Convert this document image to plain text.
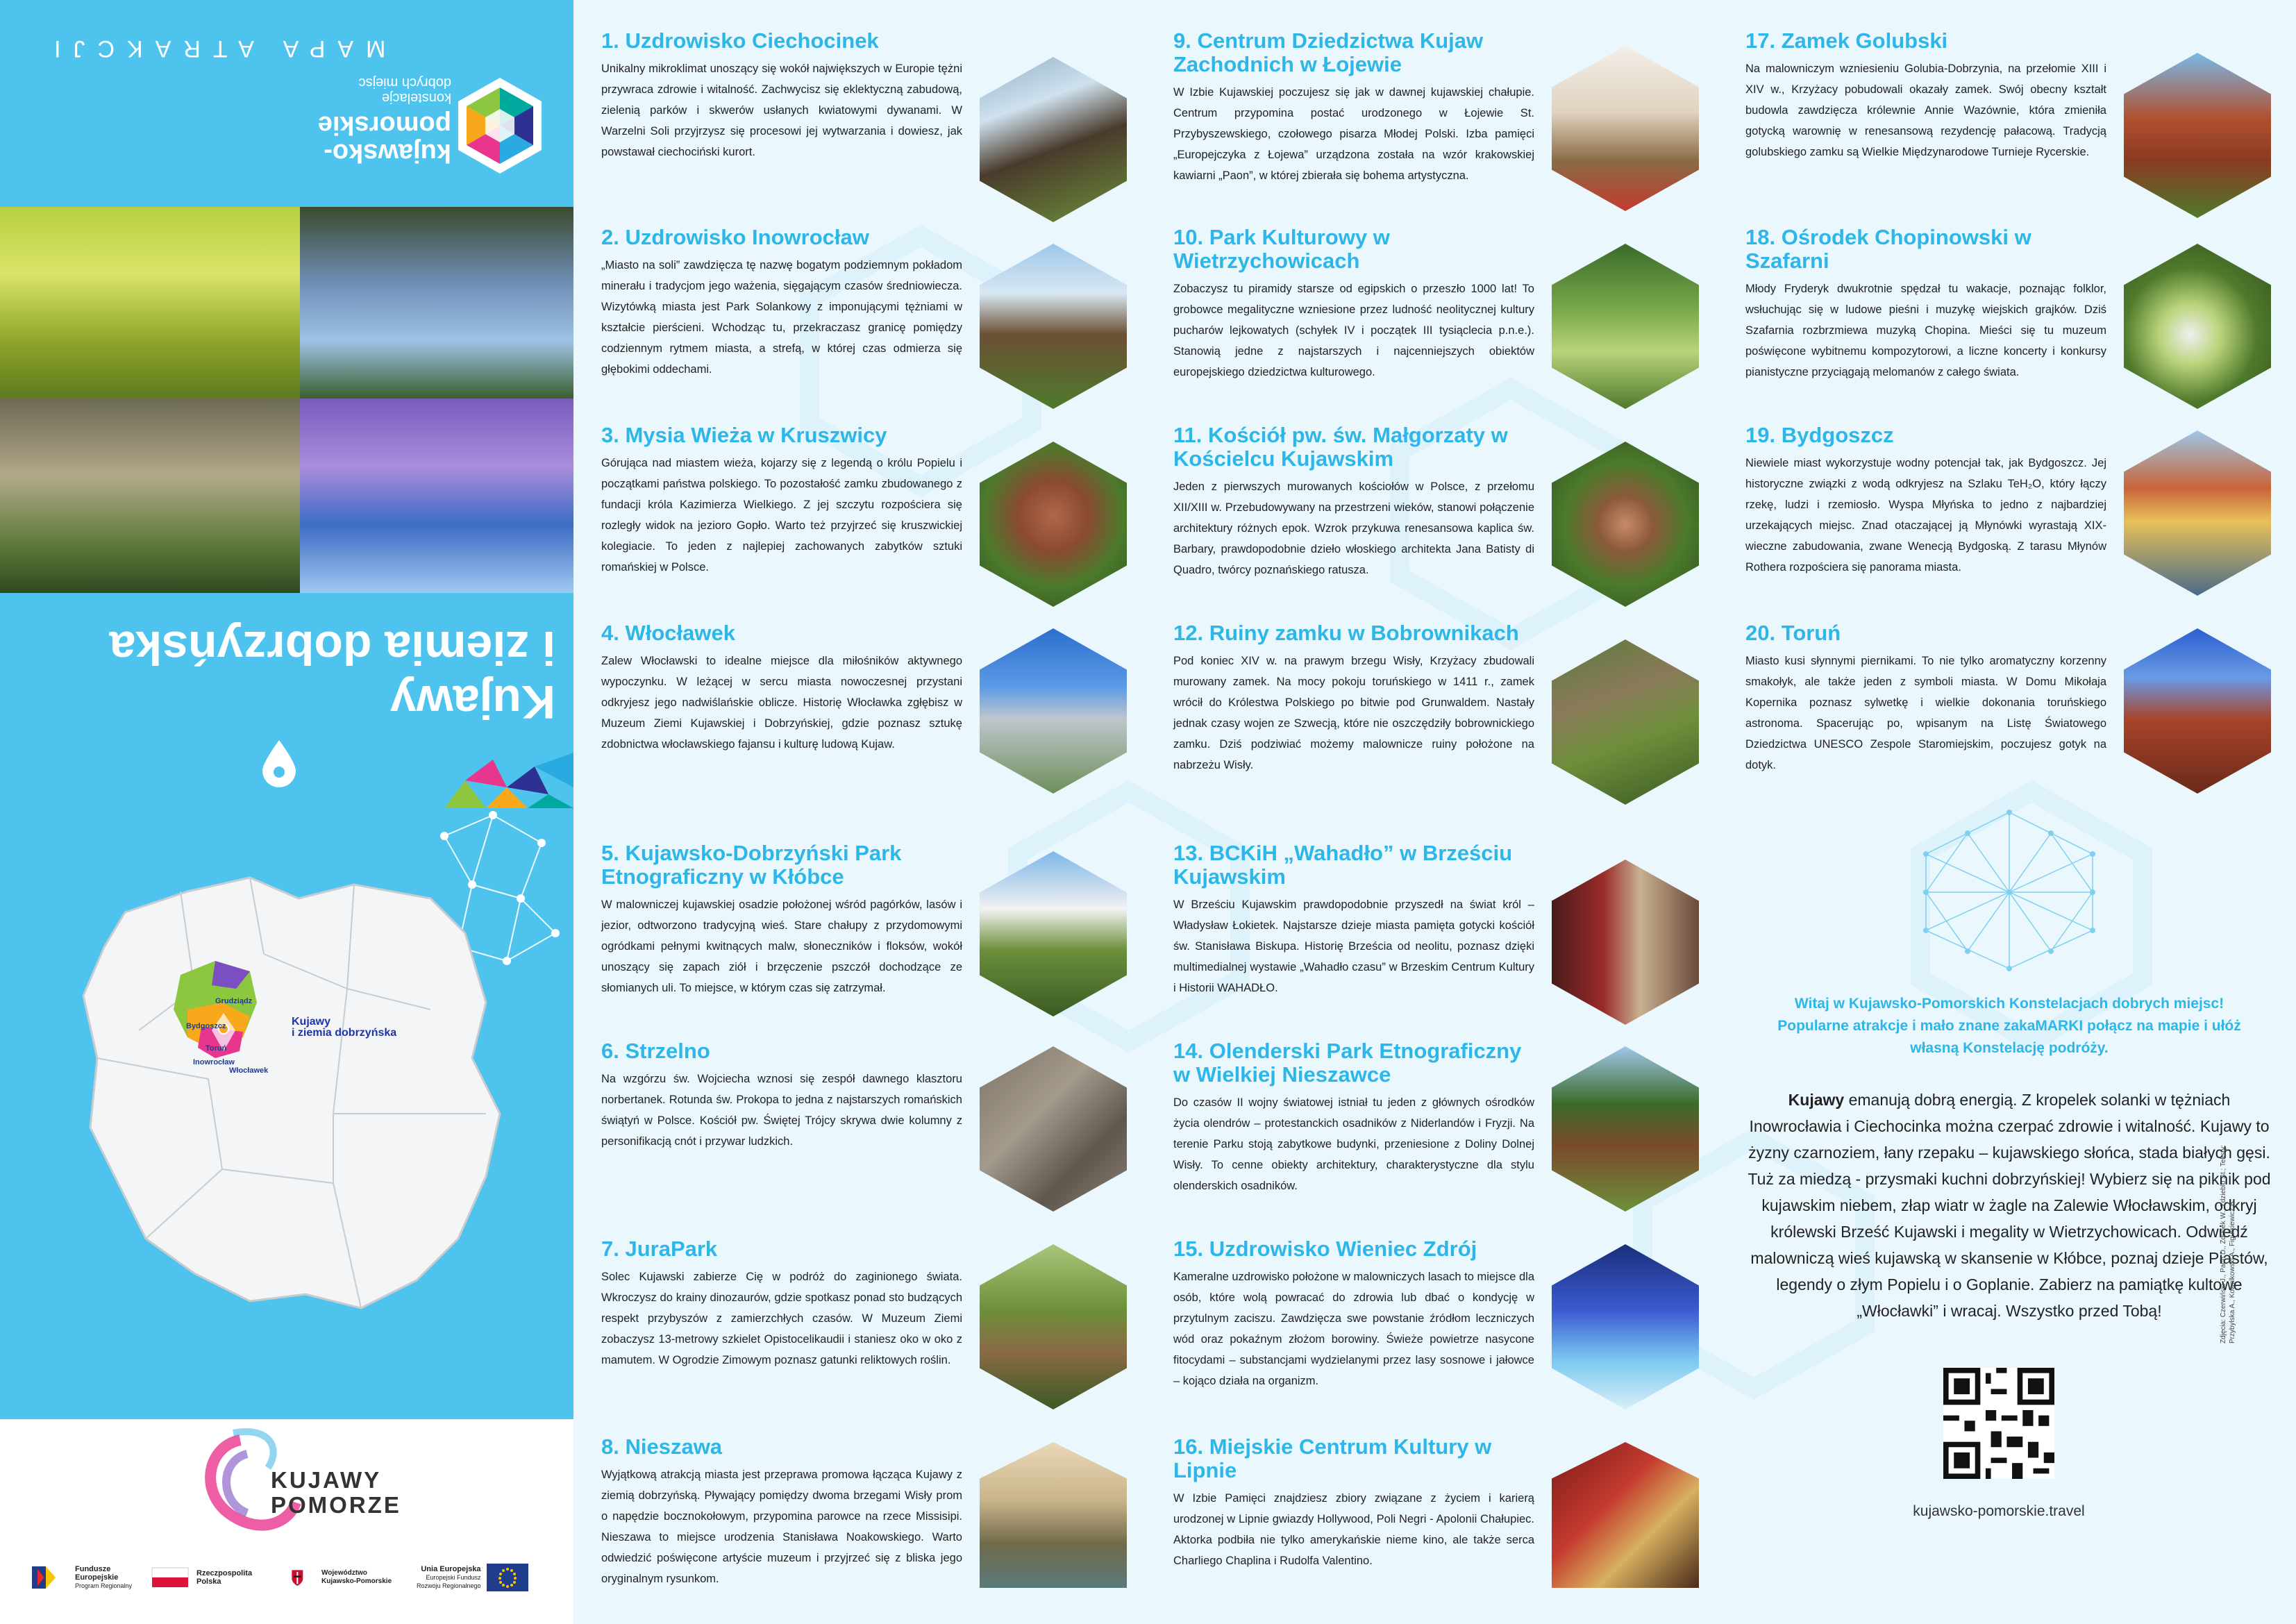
MAPA ATRAKCJI
kujawsko-
pomorskie
konstelacje
dobrych miejsc
Kujawy
i ziemia dobrzyńska
Grudziądz
Bydgoszcz
Toruń
Inowrocław
Włocławek
Kujawy
i ziemia dobrzyńska
KUJAWY
POMORZE
Fundusze
Europejskie
Program Regionalny
Rzeczpospolita
Polska
Województwo
Kujawsko-Pomorskie
Unia Europejska
Europejski Fundusz
Rozwoju Regionalnego
1. Uzdrowisko Ciechocinek

Unikalny mikroklimat unoszący się wokół największych w Europie tężni przywraca zdrowie i witalność. Zachwycisz się eklektyczną zabudową, zielenią parków i skwerów usłanych kwiatowymi dywanami. W Warzelni Soli przyjrzysz się procesowi jej wytwarzania i dowiesz, jak powstawał ciechociński kurort.

2. Uzdrowisko Inowrocław

„Miasto na soli” zawdzięcza tę nazwę bogatym podziemnym pokładom minerału i tradycjom jego ważenia, sięgającym czasów średniowiecza. Wizytówką miasta jest Park Solankowy z imponującymi tężniami w kształcie pierścieni. Wchodząc tu, przekraczasz granicę pomiędzy codziennym rytmem miasta, a strefą, w której czas odmierza się głębokimi oddechami.

3. Mysia Wieża w Kruszwicy

Górująca nad miastem wieża, kojarzy się z legendą o królu Popielu i początkami państwa polskiego. To pozostałość zamku zbudowanego z fundacji króla Kazimierza Wielkiego. Z jej szczytu rozpościera się rozległy widok na jezioro Gopło. Warto też przyjrzeć się kruszwickiej kolegiacie. To jeden z najlepiej zachowanych zabytków sztuki romańskiej w Polsce.

4. Włocławek

Zalew Włocławski to idealne miejsce dla miłośników aktywnego wypoczynku. W leżącej w sercu miasta nowoczesnej przystani odkryjesz jego nadwiślańskie oblicze. Historię Włocławka zgłębisz w Muzeum Ziemi Kujawskiej i Dobrzyńskiej, gdzie poznasz sztukę zdobnictwa włocławskiego fajansu i kulturę ludową Kujaw.

5. Kujawsko-Dobrzyński Park Etnograficzny w Kłóbce

W malowniczej kujawskiej osadzie położonej wśród pagórków, lasów i jezior, odtworzono tradycyjną wieś. Stare chałupy z przydomowymi ogródkami pełnymi kwitnących malw, słoneczników i floksów, wokół unoszący się zapach ziół i brzęczenie pszczół dochodzące ze słomianych uli. To miejsce, w którym czas się zatrzymał.

6. Strzelno

Na wzgórzu św. Wojciecha wznosi się zespół dawnego klasztoru norbertanek. Rotunda św. Prokopa to jedna z najstarszych romańskich świątyń w Polsce. Kościół pw. Świętej Trójcy skrywa dwie kolumny z personifikacją cnót i przywar ludzkich.

7. JuraPark

Solec Kujawski zabierze Cię w podróż do zaginionego świata. Wkroczysz do krainy dinozaurów, gdzie spotkasz ponad sto budzących respekt przybyszów z zamierzchłych czasów. W Muzeum Ziemi zobaczysz 13-metrowy szkielet Opistocelikaudii i staniesz oko w oko z mamutem. W Ogrodzie Zimowym poznasz gatunki reliktowych roślin.

8. Nieszawa

Wyjątkową atrakcją miasta jest przeprawa promowa łącząca Kujawy z ziemią dobrzyńską. Pływający pomiędzy dwoma brzegami Wisły prom o napędzie bocznokołowym, przypomina parowce na rzece Missisipi. Nieszawa to miejsce urodzenia Stanisława Noakowskiego. Warto odwiedzić poświęcone artyście muzeum i przyjrzeć się z bliska jego oryginalnym rysunkom.

9. Centrum Dziedzictwa Kujaw Zachodnich w Łojewie

W Izbie Kujawskiej poczujesz się jak w dawnej kujawskiej chałupie. Centrum przypomina postać urodzonego w Łojewie St. Przybyszewskiego, czołowego pisarza Młodej Polski. Izba pamięci „Europejczyka z Łojewa” urządzona została na wzór krakowskiej kawiarni „Paon”, w której zbierała się bohema artystyczna.

10. Park Kulturowy w Wietrzychowicach

Zobaczysz tu piramidy starsze od egipskich o przeszło 1000 lat! To grobowce megalityczne wzniesione przez ludność neolitycznej kultury pucharów lejkowatych (schyłek IV i początek III tysiąclecia p.n.e.). Stanowią jedne z najstarszych i najcenniejszych obiektów europejskiego dziedzictwa kulturowego.

11. Kościół pw. św. Małgorzaty w Kościelcu Kujawskim

Jeden z pierwszych murowanych kościołów w Polsce, z przełomu XII/XIII w. Przebudowywany na przestrzeni wieków, stanowi połączenie architektury różnych epok. Wzrok przykuwa renesansowa kaplica św. Barbary, prawdopodobnie dzieło włoskiego architekta Jana Batisty di Quadro, twórcy poznańskiego ratusza.

12. Ruiny zamku w Bobrownikach

Pod koniec XIV w. na prawym brzegu Wisły, Krzyżacy zbudowali murowany zamek. Na mocy pokoju toruńskiego w 1411 r., zamek wrócił do Królestwa Polskiego po bitwie pod Grunwaldem. Nastały jednak czasy wojen ze Szwecją, które nie oszczędziły bobrownickiego zamku. Dziś podziwiać możemy malownicze ruiny położone na nabrzeżu Wisły.

13. BCKiH „Wahadło” w Brześciu Kujawskim

W Brześciu Kujawskim prawdopodobnie przyszedł na świat król – Władysław Łokietek. Najstarsze dzieje miasta pamięta gotycki kościół św. Stanisława Biskupa. Historię Brześcia od neolitu, poznasz dzięki multimedialnej wystawie „Wahadło czasu” w Brzeskim Centrum Kultury i Historii WAHADŁO.

14. Olenderski Park Etnograficzny w Wielkiej Nieszawce

Do czasów II wojny światowej istniał tu jeden z głównych ośrodków życia olendrów – protestanckich osadników z Niderlandów i Fryzji. Na terenie Parku stoją zabytkowe budynki, przeniesione z Doliny Dolnej Wisły. To cenne obiekty architektury, charakterystyczne dla stylu olenderskich osadników.

15. Uzdrowisko Wieniec Zdrój

Kameralne uzdrowisko położone w malowniczych lasach to miejsce dla osób, które wolą powracać do zdrowia lub dbać o kondycję w przytulnym zaciszu. Zawdzięcza swe powstanie źródłom leczniczych wód oraz pokaźnym złożom borowiny. Świeże powietrze nasycone fitocydami – substancjami wydzielanymi przez lasy sosnowe i jałowce – kojąco działa na organizm.

16. Miejskie Centrum Kultury w Lipnie

W Izbie Pamięci znajdziesz zbiory związane z życiem i karierą urodzonej w Lipnie gwiazdy Hollywood, Poli Negri - Apolonii Chałupiec. Aktorka podbiła nie tylko amerykańskie nieme kino, ale także serca Charliego Chaplina i Rudolfa Valentino.

17. Zamek Golubski

Na malowniczym wzniesieniu Golubia-Dobrzynia, na przełomie XIII i XIV w., Krzyżacy pobudowali okazały zamek. Swój obecny kształt budowla zawdzięcza królewnie Annie Wazównie, która zmieniła gotycką warownię w renesansową rezydencję pałacową. Tradycją golubskiego zamku są Wielkie Międzynarodowe Turnieje Rycerskie.

18. Ośrodek Chopinowski w Szafarni

Młody Fryderyk dwukrotnie spędzał tu wakacje, poznając folklor, wsłuchując się w ludowe pieśni i muzykę wiejskich grajków. Dziś Szafarnia rozbrzmiewa muzyką Chopina. Mieści się tu muzeum poświęcone wybitnemu kompozytorowi, a liczne koncerty i konkursy pianistyczne przyciągają melomanów z całego świata.

19. Bydgoszcz

Niewiele miast wykorzystuje wodny potencjał tak, jak Bydgoszcz. Jej historyczne związki z wodą odkryjesz na Szlaku TeH₂O, który łączy rzekę, ludzi i rzemiosło. Wyspa Młyńska to jedno z najbardziej urzekających miejsc. Znad otaczającej ją Młynówki wyrastają XIX-wieczne zabudowania, zwane Wenecją Bydgoską. Z tarasu Młynów Rothera rozpościera się panorama miasta.

20. Toruń

Miasto kusi słynnymi piernikami. To nie tylko aromatyczny korzenny smakołyk, ale także jeden z symboli miasta. W Domu Mikołaja Kopernika poznasz sylwetkę i wielkie dokonania toruńskiego astronoma. Spacerując po, wpisanym na Listę Światowego Dziedzictwa UNESCO Zespole Staromiejskim, poczujesz gotyk na dotyk.

Witaj w Kujawsko-Pomorskich Konstelacjach dobrych miejsc! Popularne atrakcje i mało znane zakaMARKI połącz na mapie i ułóż własną Konstelację podróży.
Kujawy emanują dobrą energią. Z kropelek solanki w tężniach Inowrocławia i Ciechocinka można czerpać zdrowie i witalność. Kujawy to żyzny czarnoziem, łany rzepaku – kujawskiego słońca, stada białych gęsi. Tuż za miedzą - przysmaki kuchni dobrzyńskiej! Wybierz się na piknik pod kujawskim niebem, złap wiatr w żagle na Zalewie Włocławskim, odkryj królewski Brześć Kujawski i megality w Wietrzychowicach. Odwiedź malowniczą wieś kujawską w skansenie w Kłóbce, poznaj dzieje Piastów, legendy o złym Popielu i o Goplanie. Zabierz na pamiątkę kultowe „Włocławki” i wracaj. Wszystko przed Tobą!
kujawsko-pomorskie.travel
Zdjęcia: Czerwiński J., Pach D., Zdunek W., Zdzieblo St.; Teksty: Przybylska A., Kowalkowski A., Figurkiewicz B.
